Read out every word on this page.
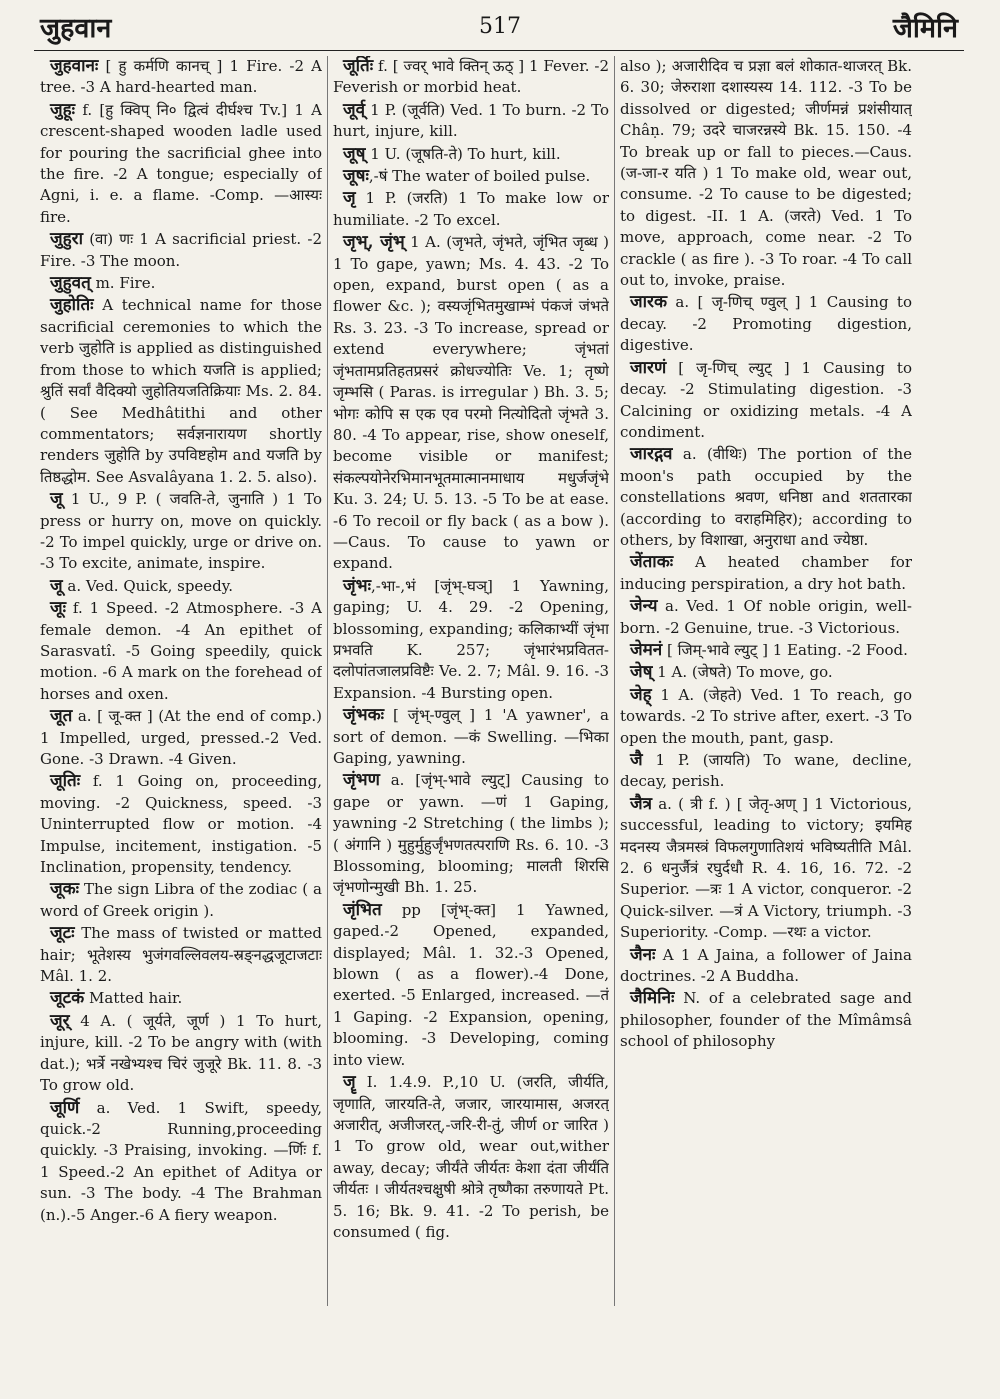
जुहवान	517	जैमिनि

जुहवानः [ हु कर्मणि कानच् ] 1 Fire. -2 A tree. -3 A hard-hearted man.

जुहूः f. [हु क्विप् नि० द्वित्वं दीर्घश्च Tv.] 1 A crescent-shaped wooden ladle used for pouring the sacrificial ghee into the fire. -2 A tongue; especially of Agni, i. e. a flame. -Comp. —आस्यः fire.

जुहुरा (वा) णः 1 A sacrificial priest. -2 Fire. -3 The moon.

जुहुवत् m. Fire.

जुहोतिः A technical name for those sacrificial ceremonies to which the verb जुहोति is applied as distinguished from those to which यजति is applied; श्रुतिं सर्वां वैदिक्यो जुहोतियजतिक्रियाः Ms. 2. 84. ( See Medhâtithi and other commentators; सर्वज्ञनारायण shortly renders जुहोति by उपविष्टहोम and यजति by तिष्ठद्धोम. See Asvalâyana 1. 2. 5. also).

जू 1 U., 9 P. ( जवति-ते, जुनाति ) 1 To press or hurry on, move on quickly. -2 To impel quickly, urge or drive on. -3 To excite, animate, inspire.

जू a. Ved. Quick, speedy.

जूः f. 1 Speed. -2 Atmosphere. -3 A female demon. -4 An epithet of Sarasvatî. -5 Going speedily, quick motion. -6 A mark on the forehead of horses and oxen.

जूत a. [ जू-क्त ] (At the end of comp.) 1 Impelled, urged, pressed.-2 Ved. Gone. -3 Drawn. -4 Given.

जूतिः f. 1 Going on, proceeding, moving. -2 Quickness, speed. -3 Uninterrupted flow or motion. -4 Impulse, incitement, instigation. -5 Inclination, propensity, tendency.

जूकः The sign Libra of the zodiac ( a word of Greek origin ).

जूटः The mass of twisted or matted hair; भूतेशस्य भुजंगवल्लिवलय-स्रङ्नद्धजूटाजटाः Mâl. 1. 2.

जूटकं Matted hair.

जूर् 4 A. ( जूर्यते, जूर्ण ) 1 To hurt, injure, kill. -2 To be angry with (with dat.); भर्त्रे नखेभ्यश्च चिरं जुजूरे Bk. 11. 8. -3 To grow old.

जूर्णि a. Ved. 1 Swift, speedy, quick.-2 Running,proceeding quickly. -3 Praising, invoking. —र्णिः f. 1 Speed.-2 An epithet of Aditya or sun. -3 The body. -4 The Brahman (n.).-5 Anger.-6 A fiery weapon.

जूर्तिः f. [ ज्वर् भावे क्तिन् ऊठ् ] 1 Fever. -2 Feverish or morbid heat.

जूर्व् 1 P. (जूर्वति) Ved. 1 To burn. -2 To hurt, injure, kill.

जूष् 1 U. (जूषति-ते) To hurt, kill.

जूषः,-षं The water of boiled pulse.

जृ 1 P. (जरति) 1 To make low or humiliate. -2 To excel.

जृभ्, जृंभ् 1 A. (जृभते, जृंभते, जृंभित जृब्ध ) 1 To gape, yawn; Ms. 4. 43. -2 To open, expand, burst open ( as a flower &c. ); वस्यजृंभितमुखाम्भं पंकजं जंभते Rs. 3. 23. -3 To increase, spread or extend everywhere; जृंभतां जृंभतामप्रतिहतप्रसरं क्रोधज्योतिः Ve. 1; तृष्णे जृम्भसि ( Paras. is irregular ) Bh. 3. 5; भोगः कोपि स एक एव परमो नित्योदितो जृंभते 3. 80. -4 To appear, rise, show oneself, become visible or manifest; संकल्पयोनेरभिमानभूतमात्मानमाधाय मधुर्जजृंभे Ku. 3. 24; U. 5. 13. -5 To be at ease. -6 To recoil or fly back ( as a bow ). —Caus. To cause to yawn or expand.

जृंभः,-भा-,भं [जृंभ्-घञ्] 1 Yawning, gaping; U. 4. 29. -2 Opening, blossoming, expanding; कलिकाभ्यीं जृंभा प्रभवति K. 257; जृंभारंभप्रवितत-दलोपांतजालप्रविष्टैः Ve. 2. 7; Mâl. 9. 16. -3 Expansion. -4 Bursting open.

जृंभकः [ जृंभ्-ण्वुल् ] 1 'A yawner', a sort of demon. —कं Swelling. —भिका Gaping, yawning.

जृंभण a. [जृंभ्-भावे ल्युट्] Causing to gape or yawn. —णं 1 Gaping, yawning -2 Stretching ( the limbs ); ( अंगानि ) मुहुर्मुहुर्जृंभणतत्पराणि Rs. 6. 10. -3 Blossoming, blooming; मालती शिरसि जृंभणोन्मुखी Bh. 1. 25.

जृंभित pp [जृंभ्-क्त] 1 Yawned, gaped.-2 Opened, expanded, displayed; Mâl. 1. 32.-3 Opened, blown ( as a flower).-4 Done, exerted. -5 Enlarged, increased. —तं 1 Gaping. -2 Expansion, opening, blooming. -3 Developing, coming into view.

जॄ I. 1.4.9. P.,10 U. (जरति, जीर्यति, जृणाति, जारयति-ते, जजार, जारयामास, अजरत् अजारीत्, अजीजरत्,-जरि-री-तुं, जीर्ण or जारित ) 1 To grow old, wear out,wither away, decay; जीर्यंते जीर्यतः केशा दंता जीर्यंति जीर्यतः । जीर्यतश्चक्षुषी श्रोत्रे तृष्णैका तरुणायते Pt. 5. 16; Bk. 9. 41. -2 To perish, be consumed ( fig.

also ); अजारीदिव च प्रज्ञा बलं शोकात-थाजरत् Bk. 6. 30; जेरुराशा दशास्यस्य 14. 112. -3 To be dissolved or digested; जीर्णमन्नं प्रशंसीयात् Châṇ. 79; उदरे चाजरन्नस्ये Bk. 15. 150. -4 To break up or fall to pieces.—Caus. (ज-जा-र यति ) 1 To make old, wear out, consume. -2 To cause to be digested; to digest. -II. 1 A. (जरते) Ved. 1 To move, approach, come near. -2 To crackle ( as fire ). -3 To roar. -4 To call out to, invoke, praise.

जारक a. [ जृ-णिच् ण्वुल् ] 1 Causing to decay. -2 Promoting digestion, digestive.

जारणं [ जृ-णिच् ल्युट् ] 1 Causing to decay. -2 Stimulating digestion. -3 Calcining or oxidizing metals. -4 A condiment.

जारद्गव a. (वीथिः) The portion of the moon's path occupied by the constellations श्रवण, धनिष्ठा and शततारका (according to वराहमिहिर); according to others, by विशाखा, अनुराधा and ज्येष्ठा.

जेंताकः A heated chamber for inducing perspiration, a dry hot bath.

जेन्य a. Ved. 1 Of noble origin, well-born. -2 Genuine, true. -3 Victorious.

जेमनं [ जिम्-भावे ल्युट् ] 1 Eating. -2 Food.

जेष् 1 A. (जेषते) To move, go.

जेह् 1 A. (जेहते) Ved. 1 To reach, go towards. -2 To strive after, exert. -3 To open the mouth, pant, gasp.

जै 1 P. (जायति) To wane, decline, decay, perish.

जैत्र a. ( त्री f. ) [ जेतृ-अण् ] 1 Victorious, successful, leading to victory; इयमिह मदनस्य जैत्रमस्त्रं विफलगुणातिशयं भविष्यतीति Mâl. 2. 6 धनुर्जैत्रं रघुर्दधौ R. 4. 16, 16. 72. -2 Superior. —त्रः 1 A victor, conqueror. -2 Quick-silver. —त्रं A Victory, triumph. -3 Superiority. -Comp. —रथः a victor.

जैनः A 1 A Jaina, a follower of Jaina doctrines. -2 A Buddha.

जैमिनिः N. of a celebrated sage and philosopher, founder of the Mîmâmsâ school of philosophy
